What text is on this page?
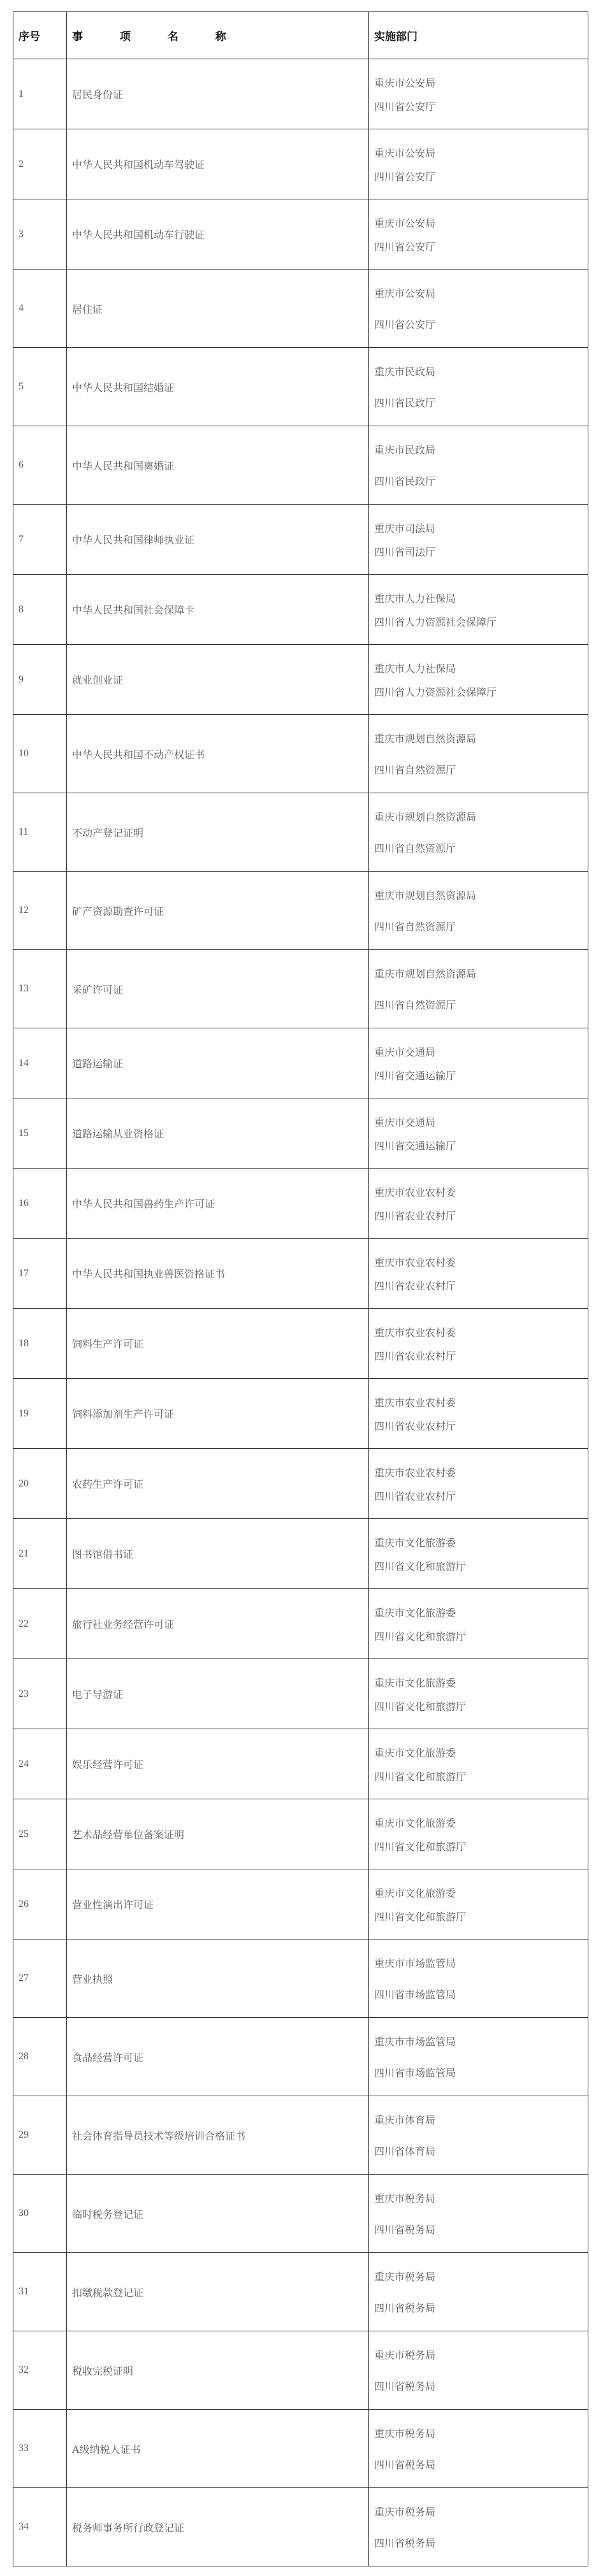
序号	事 项 名 称	实施部门
1	居民身份证	重庆市公安局
四川省公安厅

2	中华人民共和国机动车驾驶证	重庆市公安局
四川省公安厅

3	中华人民共和国机动车行驶证	重庆市公安局
四川省公安厅

4	居住证	重庆市公安局
四川省公安厅

5	中华人民共和国结婚证	重庆市民政局
四川省民政厅

6	中华人民共和国离婚证	重庆市民政局
四川省民政厅

7	中华人民共和国律师执业证	重庆市司法局
四川省司法厅

8	中华人民共和国社会保障卡	重庆市人力社保局
四川省人力资源社会保障厅

9	就业创业证	重庆市人力社保局
四川省人力资源社会保障厅

10	中华人民共和国不动产权证书	重庆市规划自然资源局
四川省自然资源厅

11	不动产登记证明	重庆市规划自然资源局
四川省自然资源厅

12	矿产资源勘查许可证	重庆市规划自然资源局
四川省自然资源厅

13	采矿许可证	重庆市规划自然资源局
四川省自然资源厅

14	道路运输证	重庆市交通局
四川省交通运输厅

15	道路运输从业资格证	重庆市交通局
四川省交通运输厅

16	中华人民共和国兽药生产许可证	重庆市农业农村委
四川省农业农村厅

17	中华人民共和国执业兽医资格证书	重庆市农业农村委
四川省农业农村厅

18	饲料生产许可证	重庆市农业农村委
四川省农业农村厅

19	饲料添加剂生产许可证	重庆市农业农村委
四川省农业农村厅

20	农药生产许可证	重庆市农业农村委
四川省农业农村厅

21	图书馆借书证	重庆市文化旅游委
四川省文化和旅游厅

22	旅行社业务经营许可证	重庆市文化旅游委
四川省文化和旅游厅

23	电子导游证	重庆市文化旅游委
四川省文化和旅游厅

24	娱乐经营许可证	重庆市文化旅游委
四川省文化和旅游厅

25	艺术品经营单位备案证明	重庆市文化旅游委
四川省文化和旅游厅

26	营业性演出许可证	重庆市文化旅游委
四川省文化和旅游厅

27	营业执照	重庆市市场监管局
四川省市场监管局

28	食品经营许可证	重庆市市场监管局
四川省市场监管局

29	社会体育指导员技术等级培训合格证书	重庆市体育局
四川省体育局

30	临时税务登记证	重庆市税务局
四川省税务局

31	扣缴税款登记证	重庆市税务局
四川省税务局

32	税收完税证明	重庆市税务局
四川省税务局

33	A级纳税人证书	重庆市税务局
四川省税务局

34	税务师事务所行政登记证	重庆市税务局
四川省税务局
